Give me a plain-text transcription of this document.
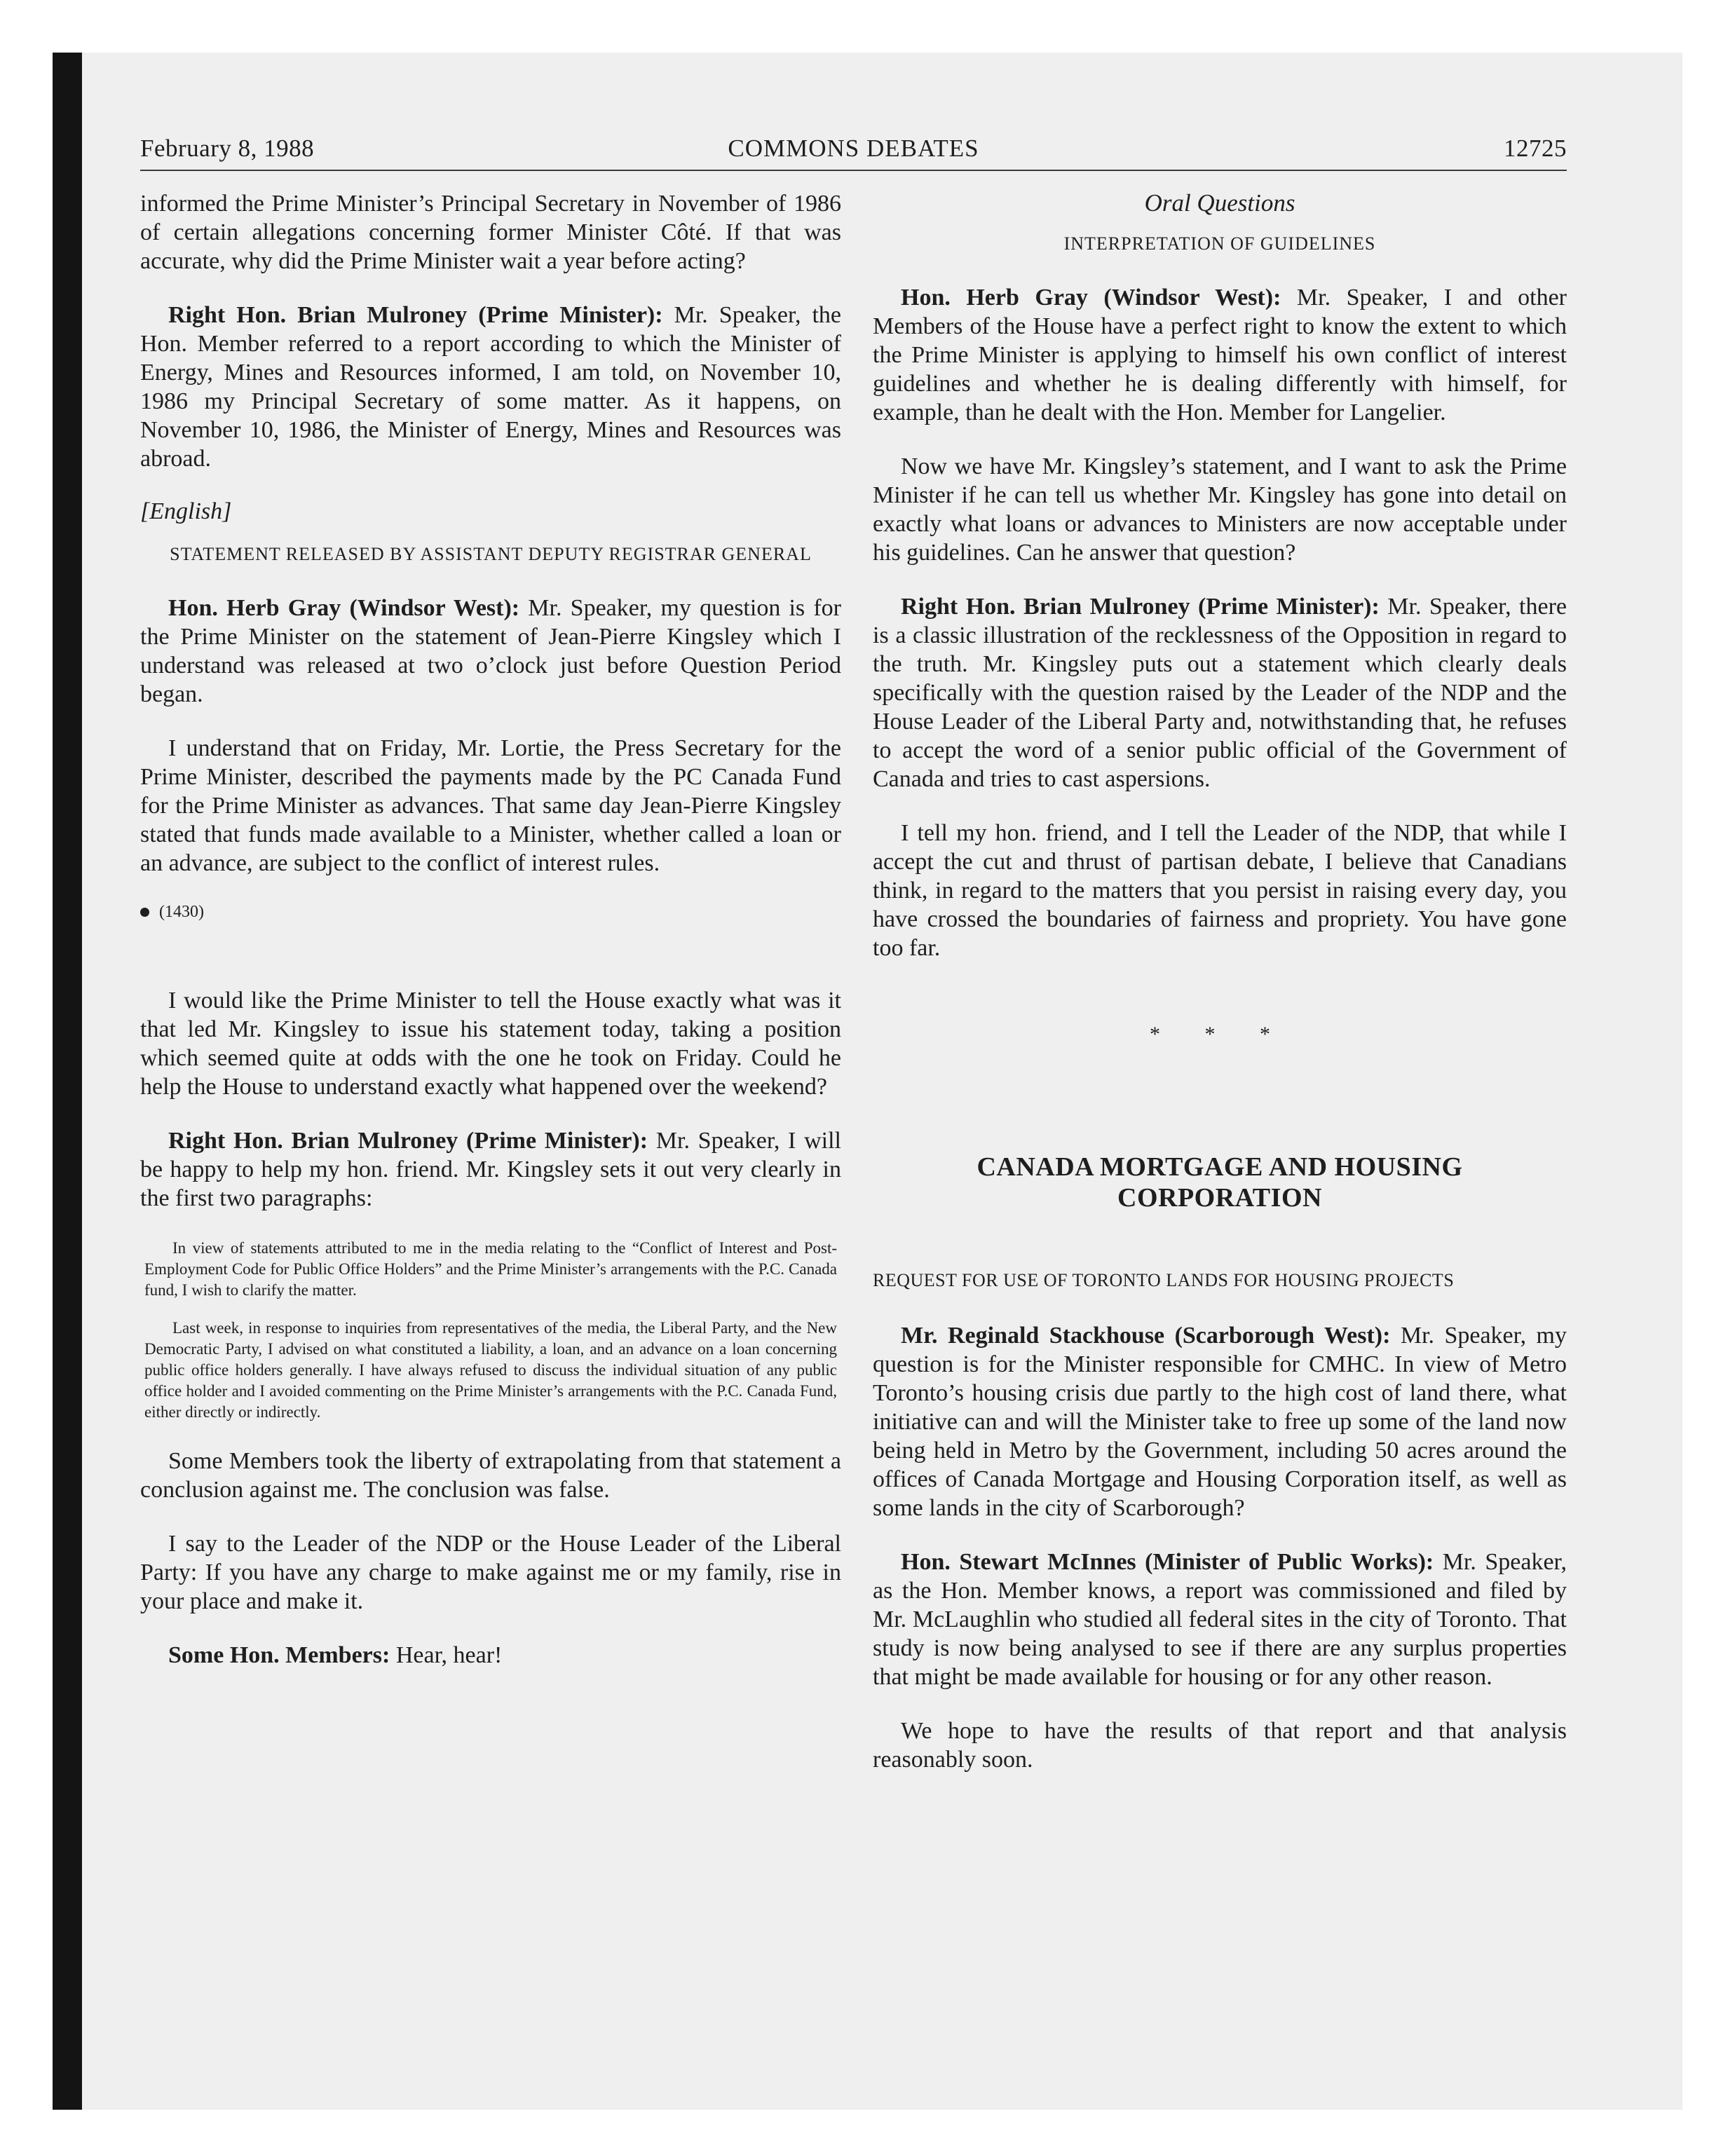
February 8, 1988	COMMONS DEBATES	12725

informed the Prime Minister’s Principal Secretary in November of 1986 of certain allegations concerning former Minister Côté. If that was accurate, why did the Prime Minister wait a year before acting?

Right Hon. Brian Mulroney (Prime Minister): Mr. Speaker, the Hon. Member referred to a report according to which the Minister of Energy, Mines and Resources informed, I am told, on November 10, 1986 my Principal Secretary of some matter. As it happens, on November 10, 1986, the Minister of Energy, Mines and Resources was abroad.

[English]
STATEMENT RELEASED BY ASSISTANT DEPUTY REGISTRAR GENERAL

Hon. Herb Gray (Windsor West): Mr. Speaker, my question is for the Prime Minister on the statement of Jean-Pierre Kingsley which I understand was released at two o’clock just before Question Period began.

I understand that on Friday, Mr. Lortie, the Press Secretary for the Prime Minister, described the payments made by the PC Canada Fund for the Prime Minister as advances. That same day Jean-Pierre Kingsley stated that funds made available to a Minister, whether called a loan or an advance, are subject to the conflict of interest rules.

(1430)

I would like the Prime Minister to tell the House exactly what was it that led Mr. Kingsley to issue his statement today, taking a position which seemed quite at odds with the one he took on Friday. Could he help the House to understand exactly what happened over the weekend?

Right Hon. Brian Mulroney (Prime Minister): Mr. Speaker, I will be happy to help my hon. friend. Mr. Kingsley sets it out very clearly in the first two paragraphs:

In view of statements attributed to me in the media relating to the “Conflict of Interest and Post-Employment Code for Public Office Holders” and the Prime Minister’s arrangements with the P.C. Canada fund, I wish to clarify the matter.
Last week, in response to inquiries from representatives of the media, the Liberal Party, and the New Democratic Party, I advised on what constituted a liability, a loan, and an advance on a loan concerning public office holders generally. I have always refused to discuss the individual situation of any public office holder and I avoided commenting on the Prime Minister’s arrangements with the P.C. Canada Fund, either directly or indirectly.

Some Members took the liberty of extrapolating from that statement a conclusion against me. The conclusion was false.

I say to the Leader of the NDP or the House Leader of the Liberal Party: If you have any charge to make against me or my family, rise in your place and make it.

Some Hon. Members: Hear, hear!

Oral Questions
INTERPRETATION OF GUIDELINES

Hon. Herb Gray (Windsor West): Mr. Speaker, I and other Members of the House have a perfect right to know the extent to which the Prime Minister is applying to himself his own conflict of interest guidelines and whether he is dealing differently with himself, for example, than he dealt with the Hon. Member for Langelier.

Now we have Mr. Kingsley’s statement, and I want to ask the Prime Minister if he can tell us whether Mr. Kingsley has gone into detail on exactly what loans or advances to Ministers are now acceptable under his guidelines. Can he answer that question?

Right Hon. Brian Mulroney (Prime Minister): Mr. Speaker, there is a classic illustration of the recklessness of the Opposition in regard to the truth. Mr. Kingsley puts out a statement which clearly deals specifically with the question raised by the Leader of the NDP and the House Leader of the Liberal Party and, notwithstanding that, he refuses to accept the word of a senior public official of the Government of Canada and tries to cast aspersions.

I tell my hon. friend, and I tell the Leader of the NDP, that while I accept the cut and thrust of partisan debate, I believe that Canadians think, in regard to the matters that you persist in raising every day, you have crossed the boundaries of fairness and propriety. You have gone too far.

* * *
CANADA MORTGAGE AND HOUSING CORPORATION
REQUEST FOR USE OF TORONTO LANDS FOR HOUSING PROJECTS

Mr. Reginald Stackhouse (Scarborough West): Mr. Speaker, my question is for the Minister responsible for CMHC. In view of Metro Toronto’s housing crisis due partly to the high cost of land there, what initiative can and will the Minister take to free up some of the land now being held in Metro by the Government, including 50 acres around the offices of Canada Mortgage and Housing Corporation itself, as well as some lands in the city of Scarborough?

Hon. Stewart McInnes (Minister of Public Works): Mr. Speaker, as the Hon. Member knows, a report was commissioned and filed by Mr. McLaughlin who studied all federal sites in the city of Toronto. That study is now being analysed to see if there are any surplus properties that might be made available for housing or for any other reason.

We hope to have the results of that report and that analysis reasonably soon.
